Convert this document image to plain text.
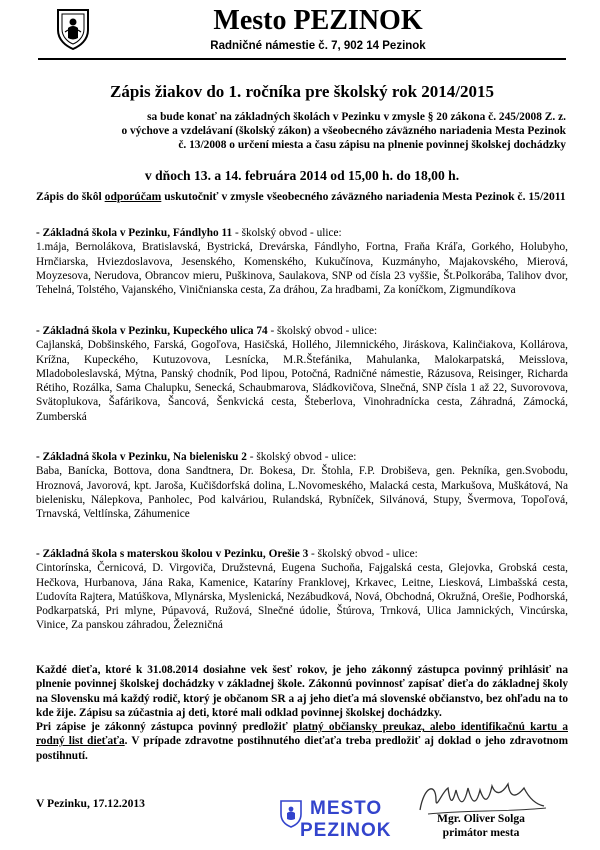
Mesto PEZINOK
Radničné námestie č. 7, 902 14 Pezinok
Zápis žiakov do 1. ročníka pre školský rok 2014/2015
sa bude konať na základných školách v Pezinku v zmysle § 20 zákona č. 245/2008 Z. z.
o výchove a vzdelávaní (školský zákon) a všeobecného záväzného nariadenia Mesta Pezinok
č. 13/2008 o určení miesta a času zápisu na plnenie povinnej školskej dochádzky
v dňoch 13. a 14. februára 2014 od 15,00 h. do 18,00 h.
Zápis do škôl odporúčam uskutočniť v zmysle všeobecného záväzného nariadenia Mesta Pezinok č. 15/2011
- Základná škola v Pezinku, Fándlyho 11 - školský obvod - ulice:
1.mája, Bernolákova, Bratislavská, Bystrická, Drevárska, Fándlyho, Fortna, Fraňa Kráľa, Gorkého, Holubyho, Hrnčiarska, Hviezdoslavova, Jesenského, Komenského, Kukučínova, Kuzmányho, Majakovského, Mierová, Moyzesova, Nerudova, Obrancov mieru, Puškinova, Saulakova, SNP od čísla 23 vyššie, Št.Polkorába, Talihov dvor, Tehelná, Tolstého, Vajanského, Viničnianska cesta, Za dráhou, Za hradbami, Za koníčkom, Zigmundíkova
- Základná škola v Pezinku, Kupeckého ulica 74 - školský obvod - ulice:
Cajlanská, Dobšinského, Farská, Gogoľova, Hasičská, Hollého, Jilemnického, Jiráskova, Kalinčiakova, Kollárova, Krížna, Kupeckého, Kutuzovova, Lesnícka, M.R.Štefánika, Mahulanka, Malokarpatská, Meisslova, Mladoboleslavská, Mýtna, Panský chodník, Pod lipou, Potočná, Radničné námestie, Rázusova, Reisinger, Richarda Rétiho, Rozálka, Sama Chalupku, Senecká, Schaubmarova, Sládkovičova, Slnečná, SNP čísla 1 až 22, Suvorovova, Svätoplukova, Šafárikova, Šancová, Šenkvická cesta, Šteberlova, Vinohradnícka cesta, Záhradná, Zámocká, Zumberská
- Základná škola v Pezinku, Na bielenisku 2 - školský obvod - ulice:
Baba, Banícka, Bottova, dona Sandtnera, Dr. Bokesa, Dr. Štohla, F.P. Drobiševa, gen. Pekníka, gen.Svobodu, Hroznová, Javorová, kpt. Jaroša, Kučišdorfská dolina, L.Novomeského, Malacká cesta, Markušova, Muškátová, Na bielenisku, Nálepkova, Panholec, Pod kalváriou, Rulandská, Rybníček, Silvánová, Stupy, Švermova, Topoľová, Trnavská, Veltlínska, Záhumenice
- Základná škola s materskou školou v Pezinku, Orešie 3 - školský obvod - ulice:
Cintorínska, Černicová, D. Virgoviča, Družstevná, Eugena Suchoňa, Fajgalská cesta, Glejovka, Grobská cesta, Hečkova, Hurbanova, Jána Raka, Kamenice, Kataríny Franklovej, Krkavec, Leitne, Liesková, Limbašská cesta, Ľudovíta Rajtera, Matúškova, Mlynárska, Myslenická, Nezábudková, Nová, Obchodná, Okružná, Orešie, Podhorská, Podkarpatská, Pri mlyne, Púpavová, Ružová, Slnečné údolie, Štúrova, Trnková, Ulica Jamnických, Vincúrska, Vinice, Za panskou záhradou, Železničná

Každé dieťa, ktoré k 31.08.2014 dosiahne vek šesť rokov, je jeho zákonný zástupca povinný prihlásiť na plnenie povinnej školskej dochádzky v základnej škole. Zákonnú povinnosť zapísať dieťa do základnej školy na Slovensku má každý rodič, ktorý je občanom SR a aj jeho dieťa má slovenské občianstvo, bez ohľadu na to kde žije. Zápisu sa zúčastnia aj deti, ktoré mali odklad povinnej školskej dochádzky.

Pri zápise je zákonný zástupca povinný predložiť platný občiansky preukaz, alebo identifikačnú kartu a rodný list dieťaťa. V prípade zdravotne postihnutého dieťaťa treba predložiť aj doklad o jeho zdravotnom postihnutí.

V Pezinku, 17.12.2013	MESTO
PEZINOK
Mgr. Oliver Solga
primátor mesta
